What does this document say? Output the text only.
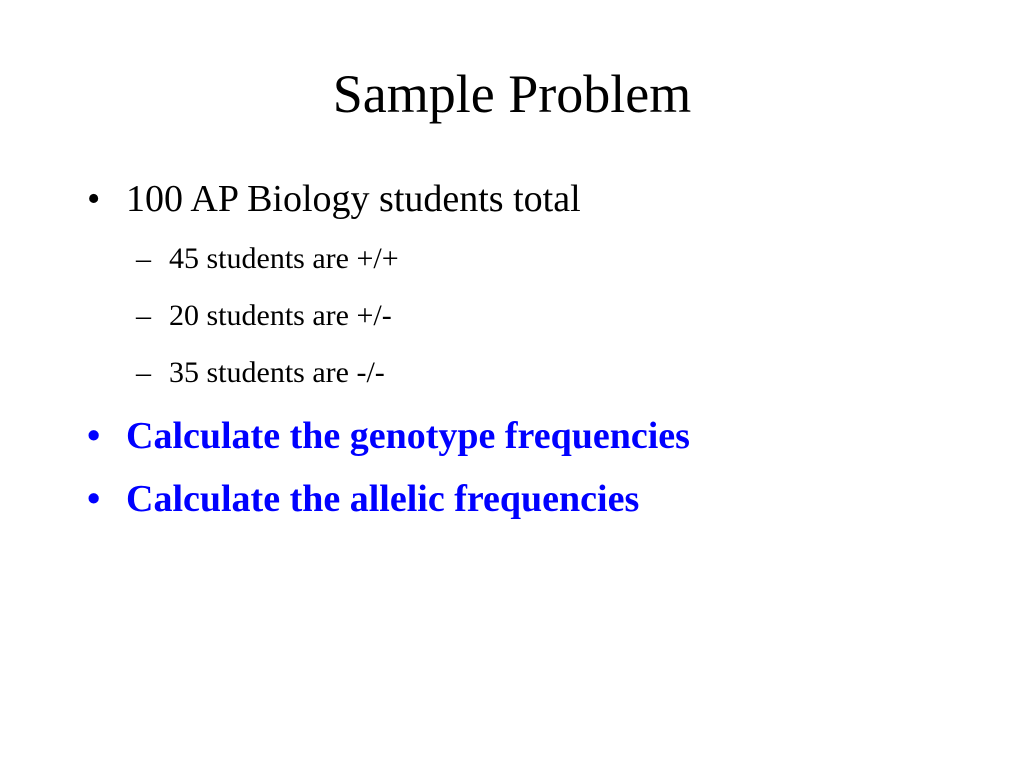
Sample Problem
• 100 AP Biology students total
– 45 students are +/+
– 20 students are +/-
– 35 students are -/-
• Calculate the genotype frequencies
• Calculate the allelic frequencies
